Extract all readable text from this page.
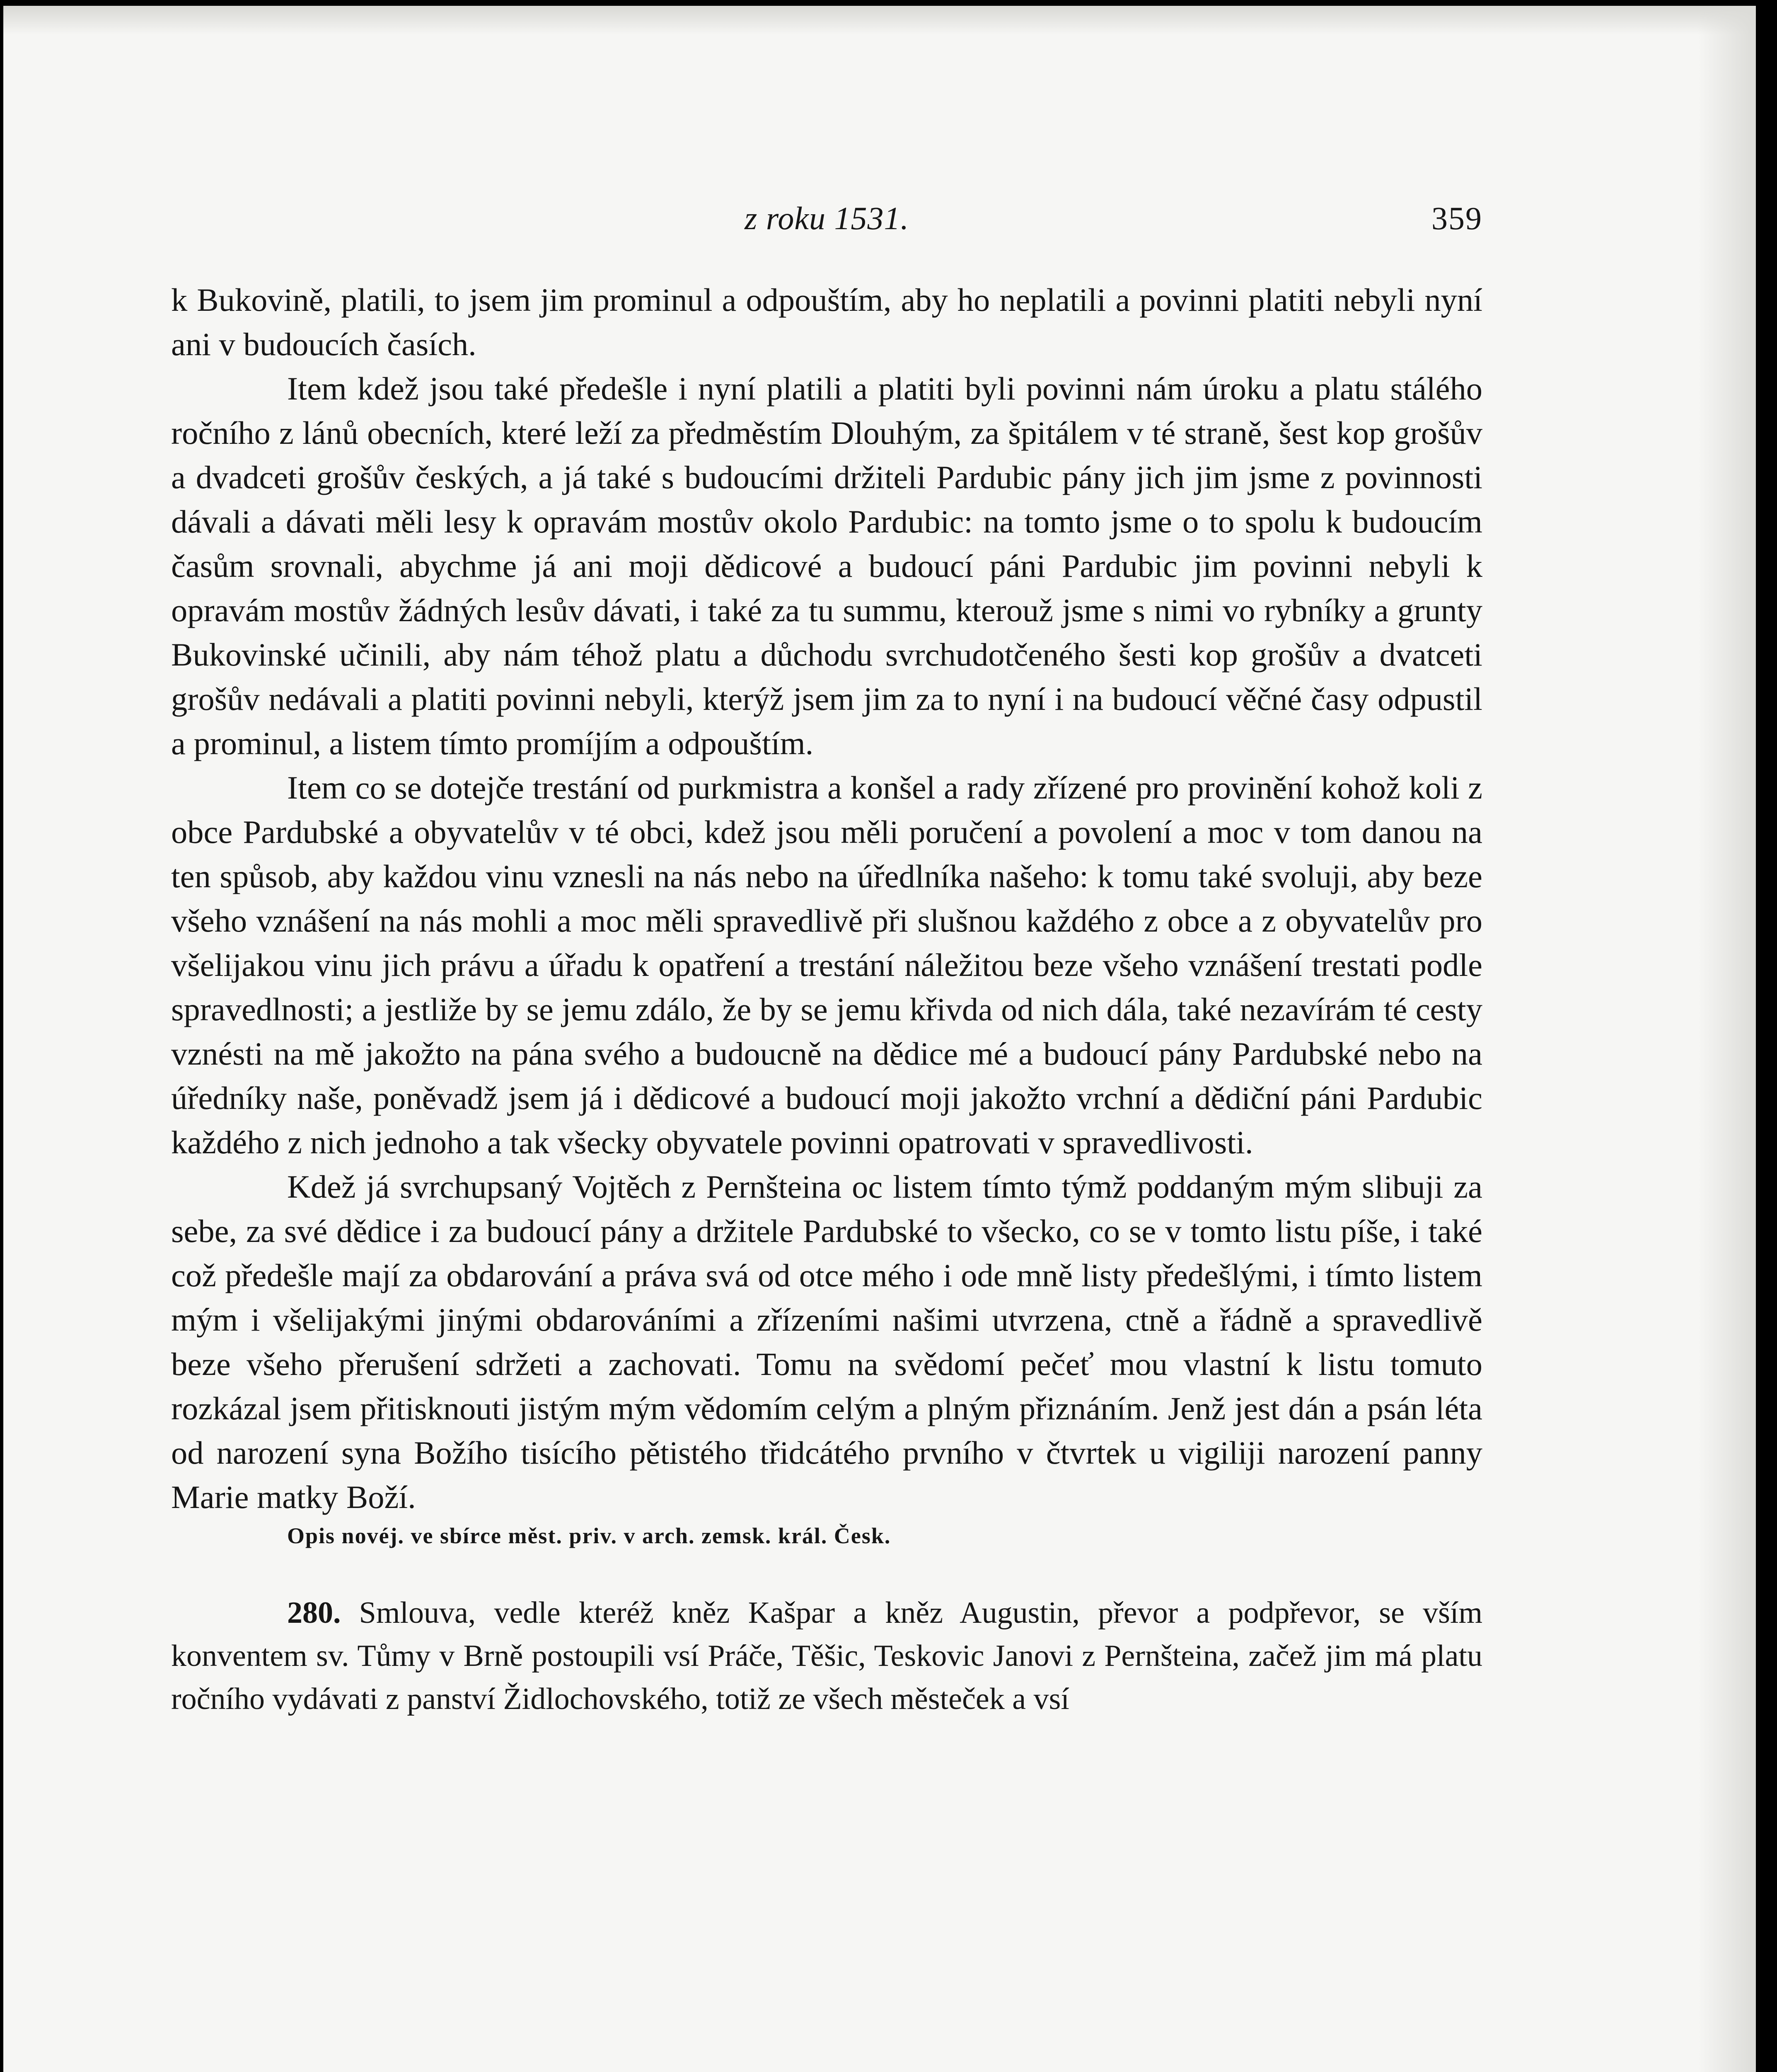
z roku 1531.	359

k Bukovině, platili, to jsem jim prominul a odpouštím, aby ho neplatili a povinni platiti nebyli nyní ani v budoucích časích.

Item kdež jsou také předešle i nyní platili a platiti byli povinni nám úroku a platu stálého ročního z lánů obecních, které leží za předměstím Dlouhým, za špitálem v té straně, šest kop grošův a dvadceti grošův českých, a já také s budoucími držiteli Pardubic pány jich jim jsme z povinnosti dávali a dávati měli lesy k opravám mostův okolo Pardubic: na tomto jsme o to spolu k budoucím časům srovnali, abychme já ani moji dědicové a budoucí páni Pardubic jim povinni nebyli k opravám mostův žádných lesův dávati, i také za tu summu, kterouž jsme s nimi vo rybníky a grunty Bukovinské učinili, aby nám téhož platu a důchodu svrchudotčeného šesti kop grošův a dvatceti grošův nedávali a platiti povinni nebyli, kterýž jsem jim za to nyní i na budoucí věčné časy odpustil a prominul, a listem tímto promíjím a odpouštím.

Item co se dotejče trestání od purkmistra a konšel a rady zřízené pro provinění kohož koli z obce Pardubské a obyvatelův v té obci, kdež jsou měli poručení a povolení a moc v tom danou na ten spůsob, aby každou vinu vznesli na nás nebo na úředlníka našeho: k tomu také svoluji, aby beze všeho vznášení na nás mohli a moc měli spravedlivě při slušnou každého z obce a z obyvatelův pro všelijakou vinu jich právu a úřadu k opatření a trestání náležitou beze všeho vznášení trestati podle spravedlnosti; a jestliže by se jemu zdálo, že by se jemu křivda od nich dála, také nezavírám té cesty vznésti na mě jakožto na pána svého a budoucně na dědice mé a budoucí pány Pardubské nebo na úředníky naše, poněvadž jsem já i dědicové a budoucí moji jakožto vrchní a dědiční páni Pardubic každého z nich jednoho a tak všecky obyvatele povinni opatrovati v spravedlivosti.

Kdež já svrchupsaný Vojtěch z Pernšteina oc listem tímto týmž poddaným mým slibuji za sebe, za své dědice i za budoucí pány a držitele Pardubské to všecko, co se v tomto listu píše, i také což předešle mají za obdarování a práva svá od otce mého i ode mně listy předešlými, i tímto listem mým i všelijakými jinými obdarováními a zřízeními našimi utvrzena, ctně a řádně a spravedlivě beze všeho přerušení sdržeti a zachovati. Tomu na svědomí pečeť mou vlastní k listu tomuto rozkázal jsem přitisknouti jistým mým vědomím celým a plným přiznáním. Jenž jest dán a psán léta od narození syna Božího tisícího pětistého třidcátého prvního v čtvrtek u vigiliji narození panny Marie matky Boží.

Opis novéj. ve sbírce měst. priv. v arch. zemsk. král. Česk.

280. Smlouva, vedle kteréž kněz Kašpar a kněz Augustin, převor a podpřevor, se vším konventem sv. Tůmy v Brně postoupili vsí Práče, Těšic, Teskovic Janovi z Pernšteina, začež jim má platu ročního vydávati z panství Židlochovského, totiž ze všech městeček a vsí
